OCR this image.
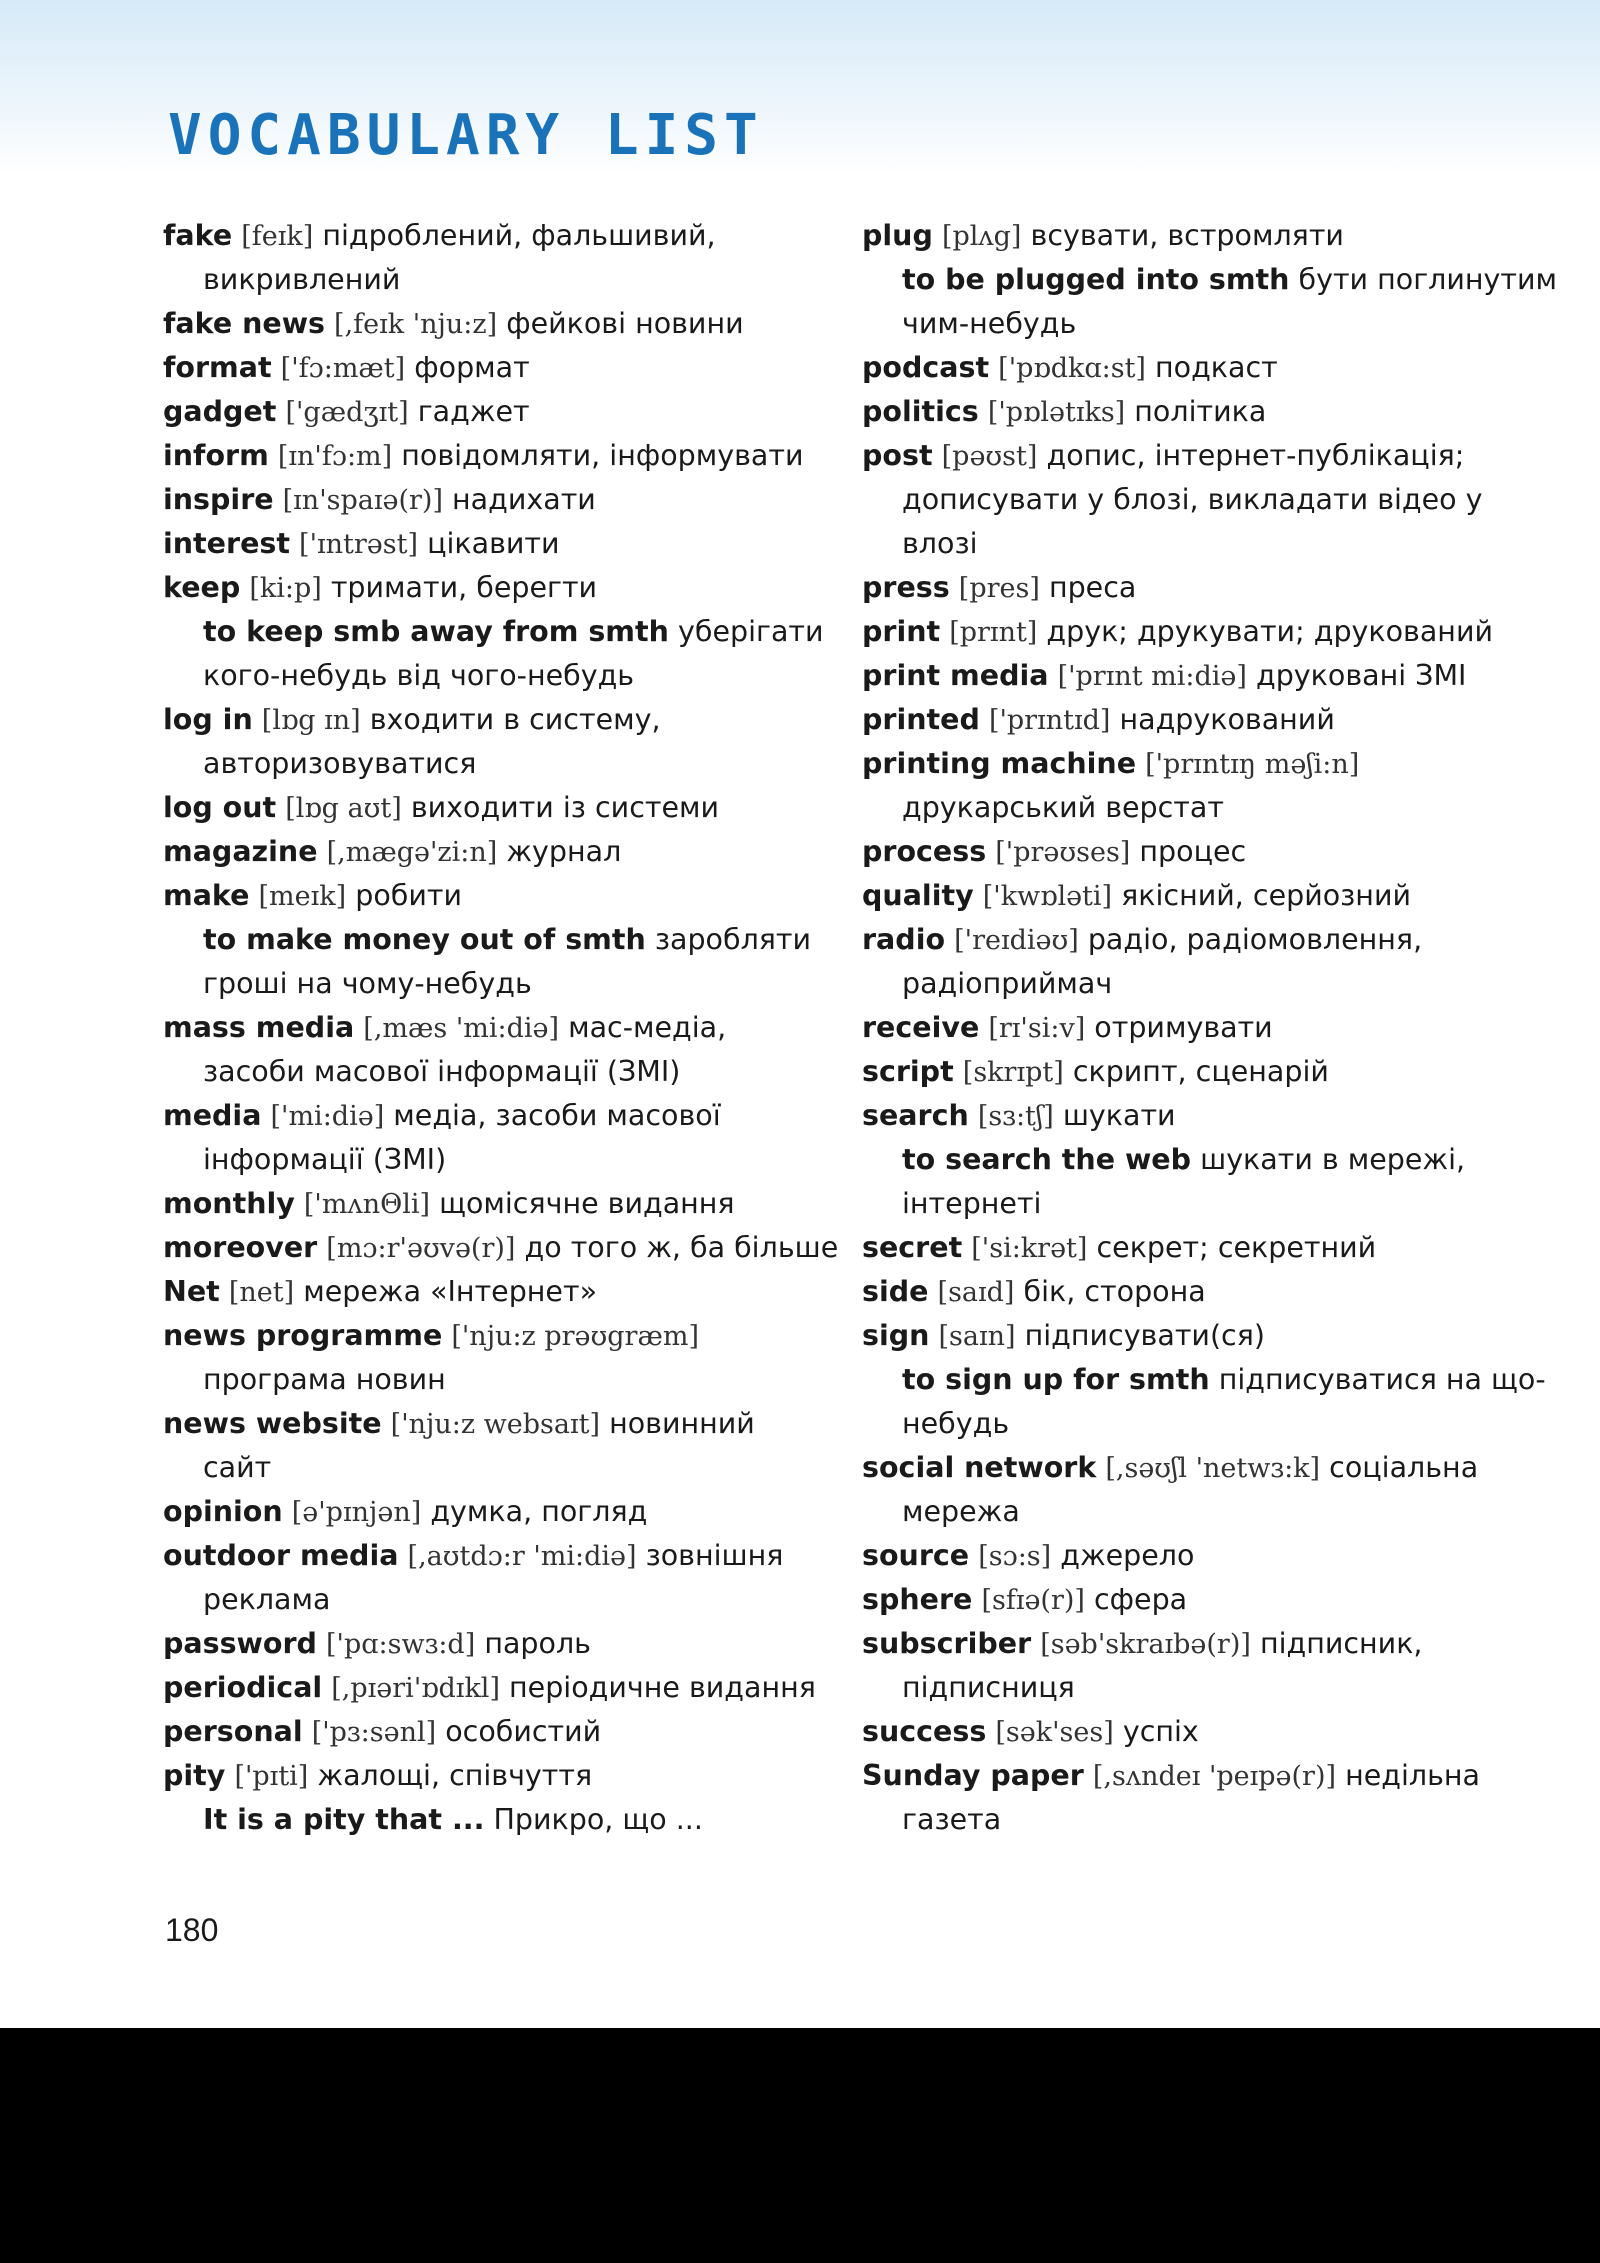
VOCABULARY LIST
fake [feɪk] підроблений, фальшивий,
викривлений
fake news [,feɪk 'nju:z] фейкові новини
format ['fɔ:mæt] формат
gadget ['gædʒɪt] гаджет
inform [ɪn'fɔ:m] повідомляти, інформувати
inspire [ɪn'spaɪə(r)] надихати
interest ['ɪntrəst] цікавити
keep [ki:p] тримати, берегти
to keep smb away from smth уберігати
кого-небудь від чого-небудь
log in [lɒg ɪn] входити в систему,
авторизовуватися
log out [lɒg aʊt] виходити із системи
magazine [,mægə'zi:n] журнал
make [meɪk] робити
to make money out of smth заробляти
гроші на чому-небудь
mass media [,mæs 'mi:diə] мас-медіа,
засоби масової інформації (ЗМІ)
media ['mi:diə] медіа, засоби масової
інформації (ЗМІ)
monthly ['mʌnΘli] щомісячне видання
moreover [mɔ:r'əʊvə(r)] до того ж, ба більше
Net [net] мережа «Інтернет»
news programme ['nju:z prəʊgræm]
програма новин
news website ['nju:z websaɪt] новинний
сайт
opinion [ə'pɪnjən] думка, погляд
outdoor media [,aʊtdɔ:r 'mi:diə] зовнішня
реклама
password ['pɑ:swɜ:d] пароль
periodical [,pɪəri'ɒdɪkl] періодичне видання
personal ['pɜ:sənl] особистий
pity ['pɪti] жалощі, співчуття
It is a pity that ... Прикро, що ...
plug [plʌg] всувати, встромляти
to be plugged into smth бути поглинутим
чим-небудь
podcast ['pɒdkɑ:st] подкаст
politics ['pɒlətɪks] політика
post [pəʊst] допис, інтернет-публікація;
дописувати у блозі, викладати відео у
влозі
press [pres] преса
print [prɪnt] друк; друкувати; друкований
print media ['prɪnt mi:diə] друковані ЗМІ
printed ['prɪntɪd] надрукований
printing machine ['prɪntɪŋ məʃi:n]
друкарський верстат
process ['prəʊses] процес
quality ['kwɒləti] якісний, серйозний
radio ['reɪdiəʊ] радіо, радіомовлення,
радіоприймач
receive [rɪ'si:v] отримувати
script [skrɪpt] скрипт, сценарій
search [sɜ:tʃ] шукати
to search the web шукати в мережі,
інтернеті
secret ['si:krət] секрет; секретний
side [saɪd] бік, сторона
sign [saɪn] підписувати(ся)
to sign up for smth підписуватися на що-
небудь
social network [,səʊʃl 'netwɜ:k] соціальна
мережа
source [sɔ:s] джерело
sphere [sfɪə(r)] сфера
subscriber [səb'skraɪbə(r)] підписник,
підписниця
success [sək'ses] успіх
Sunday paper [,sʌndeɪ 'peɪpə(r)] недільна
газета
180
